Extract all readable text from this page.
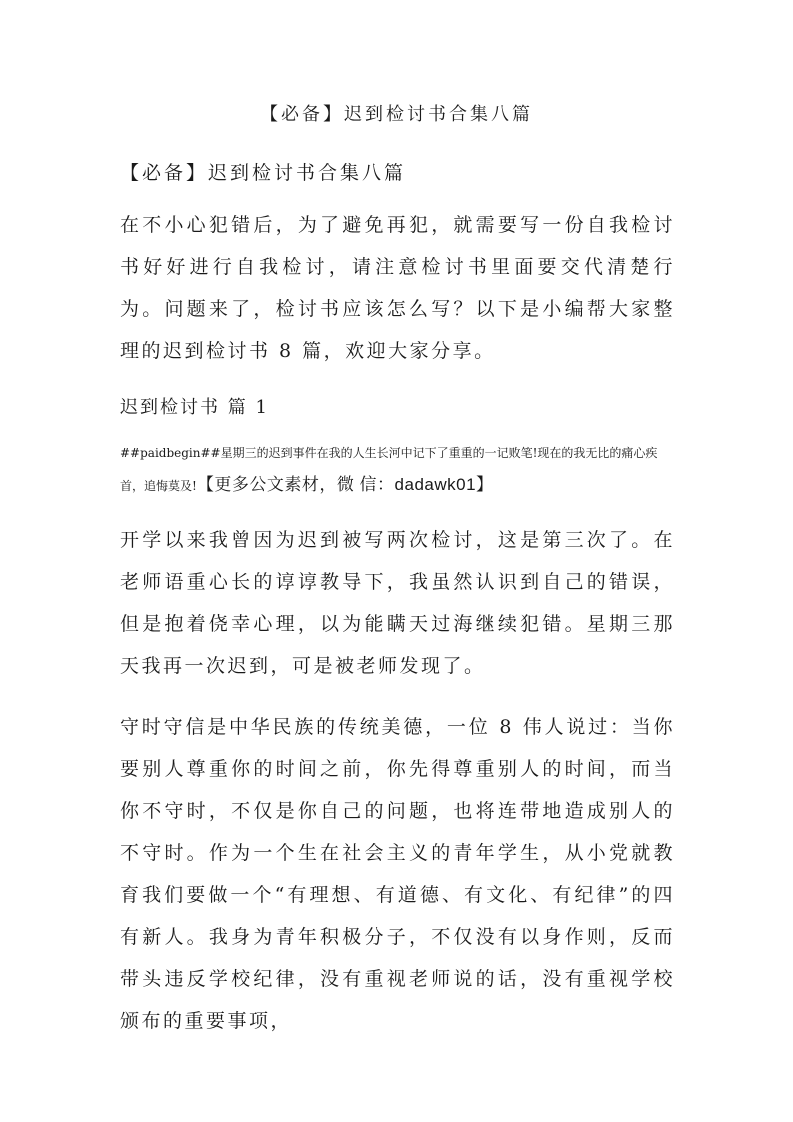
【必备】迟到检讨书合集八篇
【必备】迟到检讨书合集八篇

在不小心犯错后，为了避免再犯，就需要写一份自我检讨书好好进行自我检讨，请注意检讨书里面要交代清楚行为。问题来了，检讨书应该怎么写？以下是小编帮大家整理的迟到检讨书 8 篇，欢迎大家分享。

迟到检讨书 篇 1

##paidbegin##星期三的迟到事件在我的人生长河中记下了重重的一记败笔!现在的我无比的痛心疾首，追悔莫及!【更多公文素材，微 信：dadawk01】

开学以来我曾因为迟到被写两次检讨，这是第三次了。在老师语重心长的谆谆教导下，我虽然认识到自己的错误，但是抱着侥幸心理，以为能瞒天过海继续犯错。星期三那天我再一次迟到，可是被老师发现了。

守时守信是中华民族的传统美德，一位 8 伟人说过：当你要别人尊重你的时间之前，你先得尊重别人的时间，而当你不守时，不仅是你自己的问题，也将连带地造成别人的不守时。作为一个生在社会主义的青年学生，从小党就教育我们要做一个“有理想、有道德、有文化、有纪律”的四有新人。我身为青年积极分子，不仅没有以身作则，反而带头违反学校纪律，没有重视老师说的话，没有重视学校颁布的重要事项，
